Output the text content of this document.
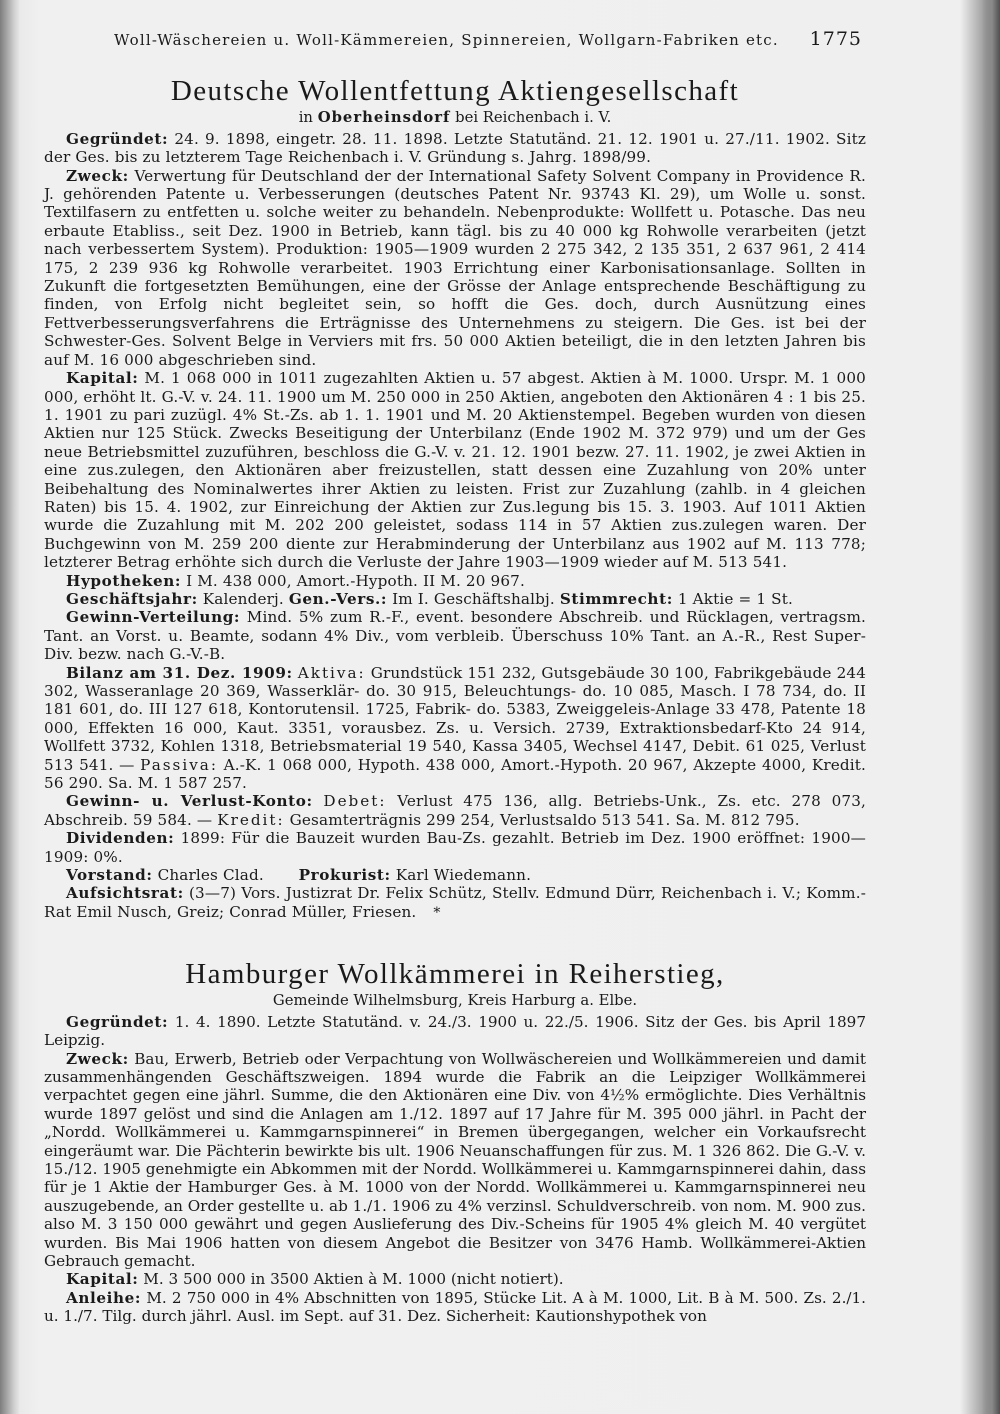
Woll-Wäschereien u. Woll-Kämmereien, Spinnereien, Wollgarn-Fabriken etc. 1775
Deutsche Wollentfettung Aktiengesellschaft
in Oberheinsdorf bei Reichenbach i. V.

Gegründet: 24. 9. 1898, eingetr. 28. 11. 1898. Letzte Statutänd. 21. 12. 1901 u. 27./11. 1902. Sitz der Ges. bis zu letzterem Tage Reichenbach i. V. Gründung s. Jahrg. 1898/99.

Zweck: Verwertung für Deutschland der der International Safety Solvent Company in Providence R. J. gehörenden Patente u. Verbesserungen (deutsches Patent Nr. 93743 Kl. 29), um Wolle u. sonst. Textilfasern zu entfetten u. solche weiter zu behandeln. Nebenprodukte: Wollfett u. Potasche. Das neu erbaute Etabliss., seit Dez. 1900 in Betrieb, kann tägl. bis zu 40 000 kg Rohwolle verarbeiten (jetzt nach verbessertem System). Produktion: 1905—1909 wurden 2 275 342, 2 135 351, 2 637 961, 2 414 175, 2 239 936 kg Rohwolle verarbeitet. 1903 Errichtung einer Karbonisationsanlage. Sollten in Zukunft die fortgesetzten Bemühungen, eine der Grösse der Anlage entsprechende Beschäftigung zu finden, von Erfolg nicht begleitet sein, so hofft die Ges. doch, durch Ausnützung eines Fettverbesserungsverfahrens die Erträgnisse des Unternehmens zu steigern. Die Ges. ist bei der Schwester-Ges. Solvent Belge in Verviers mit frs. 50 000 Aktien beteiligt, die in den letzten Jahren bis auf M. 16 000 abgeschrieben sind.

Kapital: M. 1 068 000 in 1011 zugezahlten Aktien u. 57 abgest. Aktien à M. 1000. Urspr. M. 1 000 000, erhöht lt. G.-V. v. 24. 11. 1900 um M. 250 000 in 250 Aktien, angeboten den Aktionären 4 : 1 bis 25. 1. 1901 zu pari zuzügl. 4% St.-Zs. ab 1. 1. 1901 und M. 20 Aktienstempel. Begeben wurden von diesen Aktien nur 125 Stück. Zwecks Beseitigung der Unterbilanz (Ende 1902 M. 372 979) und um der Ges neue Betriebsmittel zuzuführen, beschloss die G.-V. v. 21. 12. 1901 bezw. 27. 11. 1902, je zwei Aktien in eine zus.zulegen, den Aktionären aber freizustellen, statt dessen eine Zuzahlung von 20% unter Beibehaltung des Nominalwertes ihrer Aktien zu leisten. Frist zur Zuzahlung (zahlb. in 4 gleichen Raten) bis 15. 4. 1902, zur Einreichung der Aktien zur Zus.legung bis 15. 3. 1903. Auf 1011 Aktien wurde die Zuzahlung mit M. 202 200 geleistet, sodass 114 in 57 Aktien zus.zulegen waren. Der Buchgewinn von M. 259 200 diente zur Herabminderung der Unterbilanz aus 1902 auf M. 113 778; letzterer Betrag erhöhte sich durch die Verluste der Jahre 1903—1909 wieder auf M. 513 541.

Hypotheken: I M. 438 000, Amort.-Hypoth. II M. 20 967.

Geschäftsjahr: Kalenderj. Gen.-Vers.: Im I. Geschäftshalbj. Stimmrecht: 1 Aktie = 1 St.

Gewinn-Verteilung: Mind. 5% zum R.-F., event. besondere Abschreib. und Rücklagen, vertragsm. Tant. an Vorst. u. Beamte, sodann 4% Div., vom verbleib. Überschuss 10% Tant. an A.-R., Rest Super-Div. bezw. nach G.-V.-B.

Bilanz am 31. Dez. 1909: Aktiva: Grundstück 151 232, Gutsgebäude 30 100, Fabrikgebäude 244 302, Wasseranlage 20 369, Wasserklär- do. 30 915, Beleuchtungs- do. 10 085, Masch. I 78 734, do. II 181 601, do. III 127 618, Kontorutensil. 1725, Fabrik- do. 5383, Zweiggeleis-Anlage 33 478, Patente 18 000, Effekten 16 000, Kaut. 3351, vorausbez. Zs. u. Versich. 2739, Extraktionsbedarf-Kto 24 914, Wollfett 3732, Kohlen 1318, Betriebsmaterial 19 540, Kassa 3405, Wechsel 4147, Debit. 61 025, Verlust 513 541. — Passiva: A.-K. 1 068 000, Hypoth. 438 000, Amort.-Hypoth. 20 967, Akzepte 4000, Kredit. 56 290. Sa. M. 1 587 257.

Gewinn- u. Verlust-Konto: Debet: Verlust 475 136, allg. Betriebs-Unk., Zs. etc. 278 073, Abschreib. 59 584. — Kredit: Gesamterträgnis 299 254, Verlustsaldo 513 541. Sa. M. 812 795.

Dividenden: 1899: Für die Bauzeit wurden Bau-Zs. gezahlt. Betrieb im Dez. 1900 eröffnet: 1900—1909: 0%.

Vorstand: Charles Clad. Prokurist: Karl Wiedemann.

Aufsichtsrat: (3—7) Vors. Justizrat Dr. Felix Schütz, Stellv. Edmund Dürr, Reichenbach i. V.; Komm.-Rat Emil Nusch, Greiz; Conrad Müller, Friesen. *

Hamburger Wollkämmerei in Reiherstieg,
Gemeinde Wilhelmsburg, Kreis Harburg a. Elbe.

Gegründet: 1. 4. 1890. Letzte Statutänd. v. 24./3. 1900 u. 22./5. 1906. Sitz der Ges. bis April 1897 Leipzig.

Zweck: Bau, Erwerb, Betrieb oder Verpachtung von Wollwäschereien und Wollkämmereien und damit zusammenhängenden Geschäftszweigen. 1894 wurde die Fabrik an die Leipziger Wollkämmerei verpachtet gegen eine jährl. Summe, die den Aktionären eine Div. von 4½% ermöglichte. Dies Verhältnis wurde 1897 gelöst und sind die Anlagen am 1./12. 1897 auf 17 Jahre für M. 395 000 jährl. in Pacht der „Nordd. Wollkämmerei u. Kammgarnspinnerei“ in Bremen übergegangen, welcher ein Vorkaufsrecht eingeräumt war. Die Pächterin bewirkte bis ult. 1906 Neuanschaffungen für zus. M. 1 326 862. Die G.-V. v. 15./12. 1905 genehmigte ein Abkommen mit der Nordd. Wollkämmerei u. Kammgarnspinnerei dahin, dass für je 1 Aktie der Hamburger Ges. à M. 1000 von der Nordd. Wollkämmerei u. Kammgarnspinnerei neu auszugebende, an Order gestellte u. ab 1./1. 1906 zu 4% verzinsl. Schuldverschreib. von nom. M. 900 zus. also M. 3 150 000 gewährt und gegen Auslieferung des Div.-Scheins für 1905 4% gleich M. 40 vergütet wurden. Bis Mai 1906 hatten von diesem Angebot die Besitzer von 3476 Hamb. Wollkämmerei-Aktien Gebrauch gemacht.

Kapital: M. 3 500 000 in 3500 Aktien à M. 1000 (nicht notiert).

Anleihe: M. 2 750 000 in 4% Abschnitten von 1895, Stücke Lit. A à M. 1000, Lit. B à M. 500. Zs. 2./1. u. 1./7. Tilg. durch jährl. Ausl. im Sept. auf 31. Dez. Sicherheit: Kautionshypothek von
